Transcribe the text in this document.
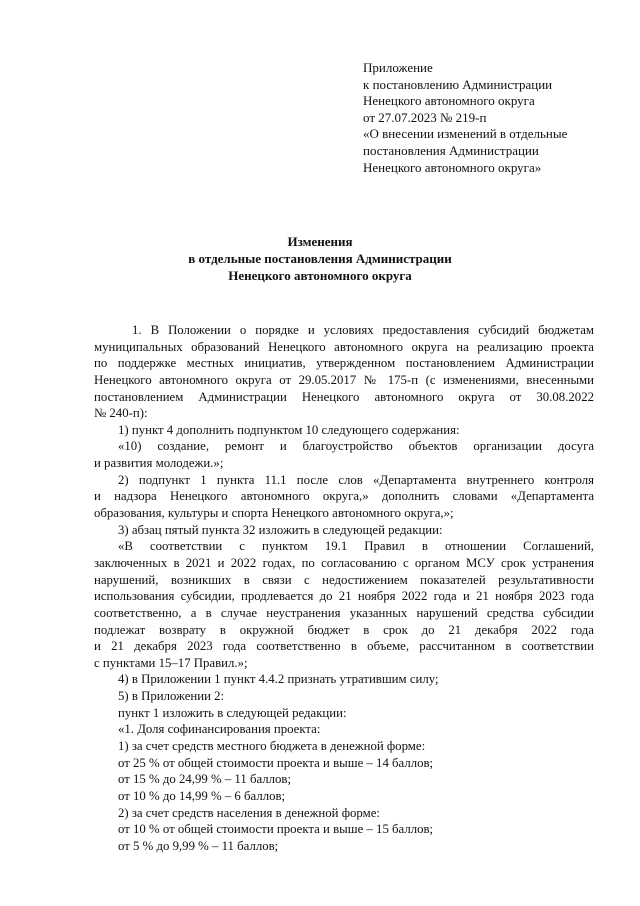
Приложение
к постановлению Администрации
Ненецкого автономного округа
от 27.07.2023 № 219-п
«О внесении изменений в отдельные
постановления Администрации
Ненецкого автономного округа»
Изменения
в отдельные постановления Администрации
Ненецкого автономного округа
1. В Положении о порядке и условиях предоставления субсидий бюджетам
муниципальных образований Ненецкого автономного округа на реализацию проекта
по поддержке местных инициатив, утвержденном постановлением Администрации
Ненецкого автономного округа от 29.05.2017 № 175-п (с изменениями, внесенными
постановлением Администрации Ненецкого автономного округа от 30.08.2022
№ 240-п):
1) пункт 4 дополнить подпунктом 10 следующего содержания:
«10) создание, ремонт и благоустройство объектов организации досуга
и развития молодежи.»;
2) подпункт 1 пункта 11.1 после слов «Департамента внутреннего контроля
и надзора Ненецкого автономного округа,» дополнить словами «Департамента
образования, культуры и спорта Ненецкого автономного округа,»;
3) абзац пятый пункта 32 изложить в следующей редакции:
«В соответствии с пунктом 19.1 Правил в отношении Соглашений,
заключенных в 2021 и 2022 годах, по согласованию с органом МСУ срок устранения
нарушений, возникших в связи с недостижением показателей результативности
использования субсидии, продлевается до 21 ноября 2022 года и 21 ноября 2023 года
соответственно, а в случае неустранения указанных нарушений средства субсидии
подлежат возврату в окружной бюджет в срок до 21 декабря 2022 года
и 21 декабря 2023 года соответственно в объеме, рассчитанном в соответствии
с пунктами 15–17 Правил.»;
4) в Приложении 1 пункт 4.4.2 признать утратившим силу;
5) в Приложении 2:
пункт 1 изложить в следующей редакции:
«1. Доля софинансирования проекта:
1) за счет средств местного бюджета в денежной форме:
от 25 % от общей стоимости проекта и выше – 14 баллов;
от 15 % до 24,99 % – 11 баллов;
от 10 % до 14,99 % – 6 баллов;
2) за счет средств населения в денежной форме:
от 10 % от общей стоимости проекта и выше – 15 баллов;
от 5 % до 9,99 % – 11 баллов;
